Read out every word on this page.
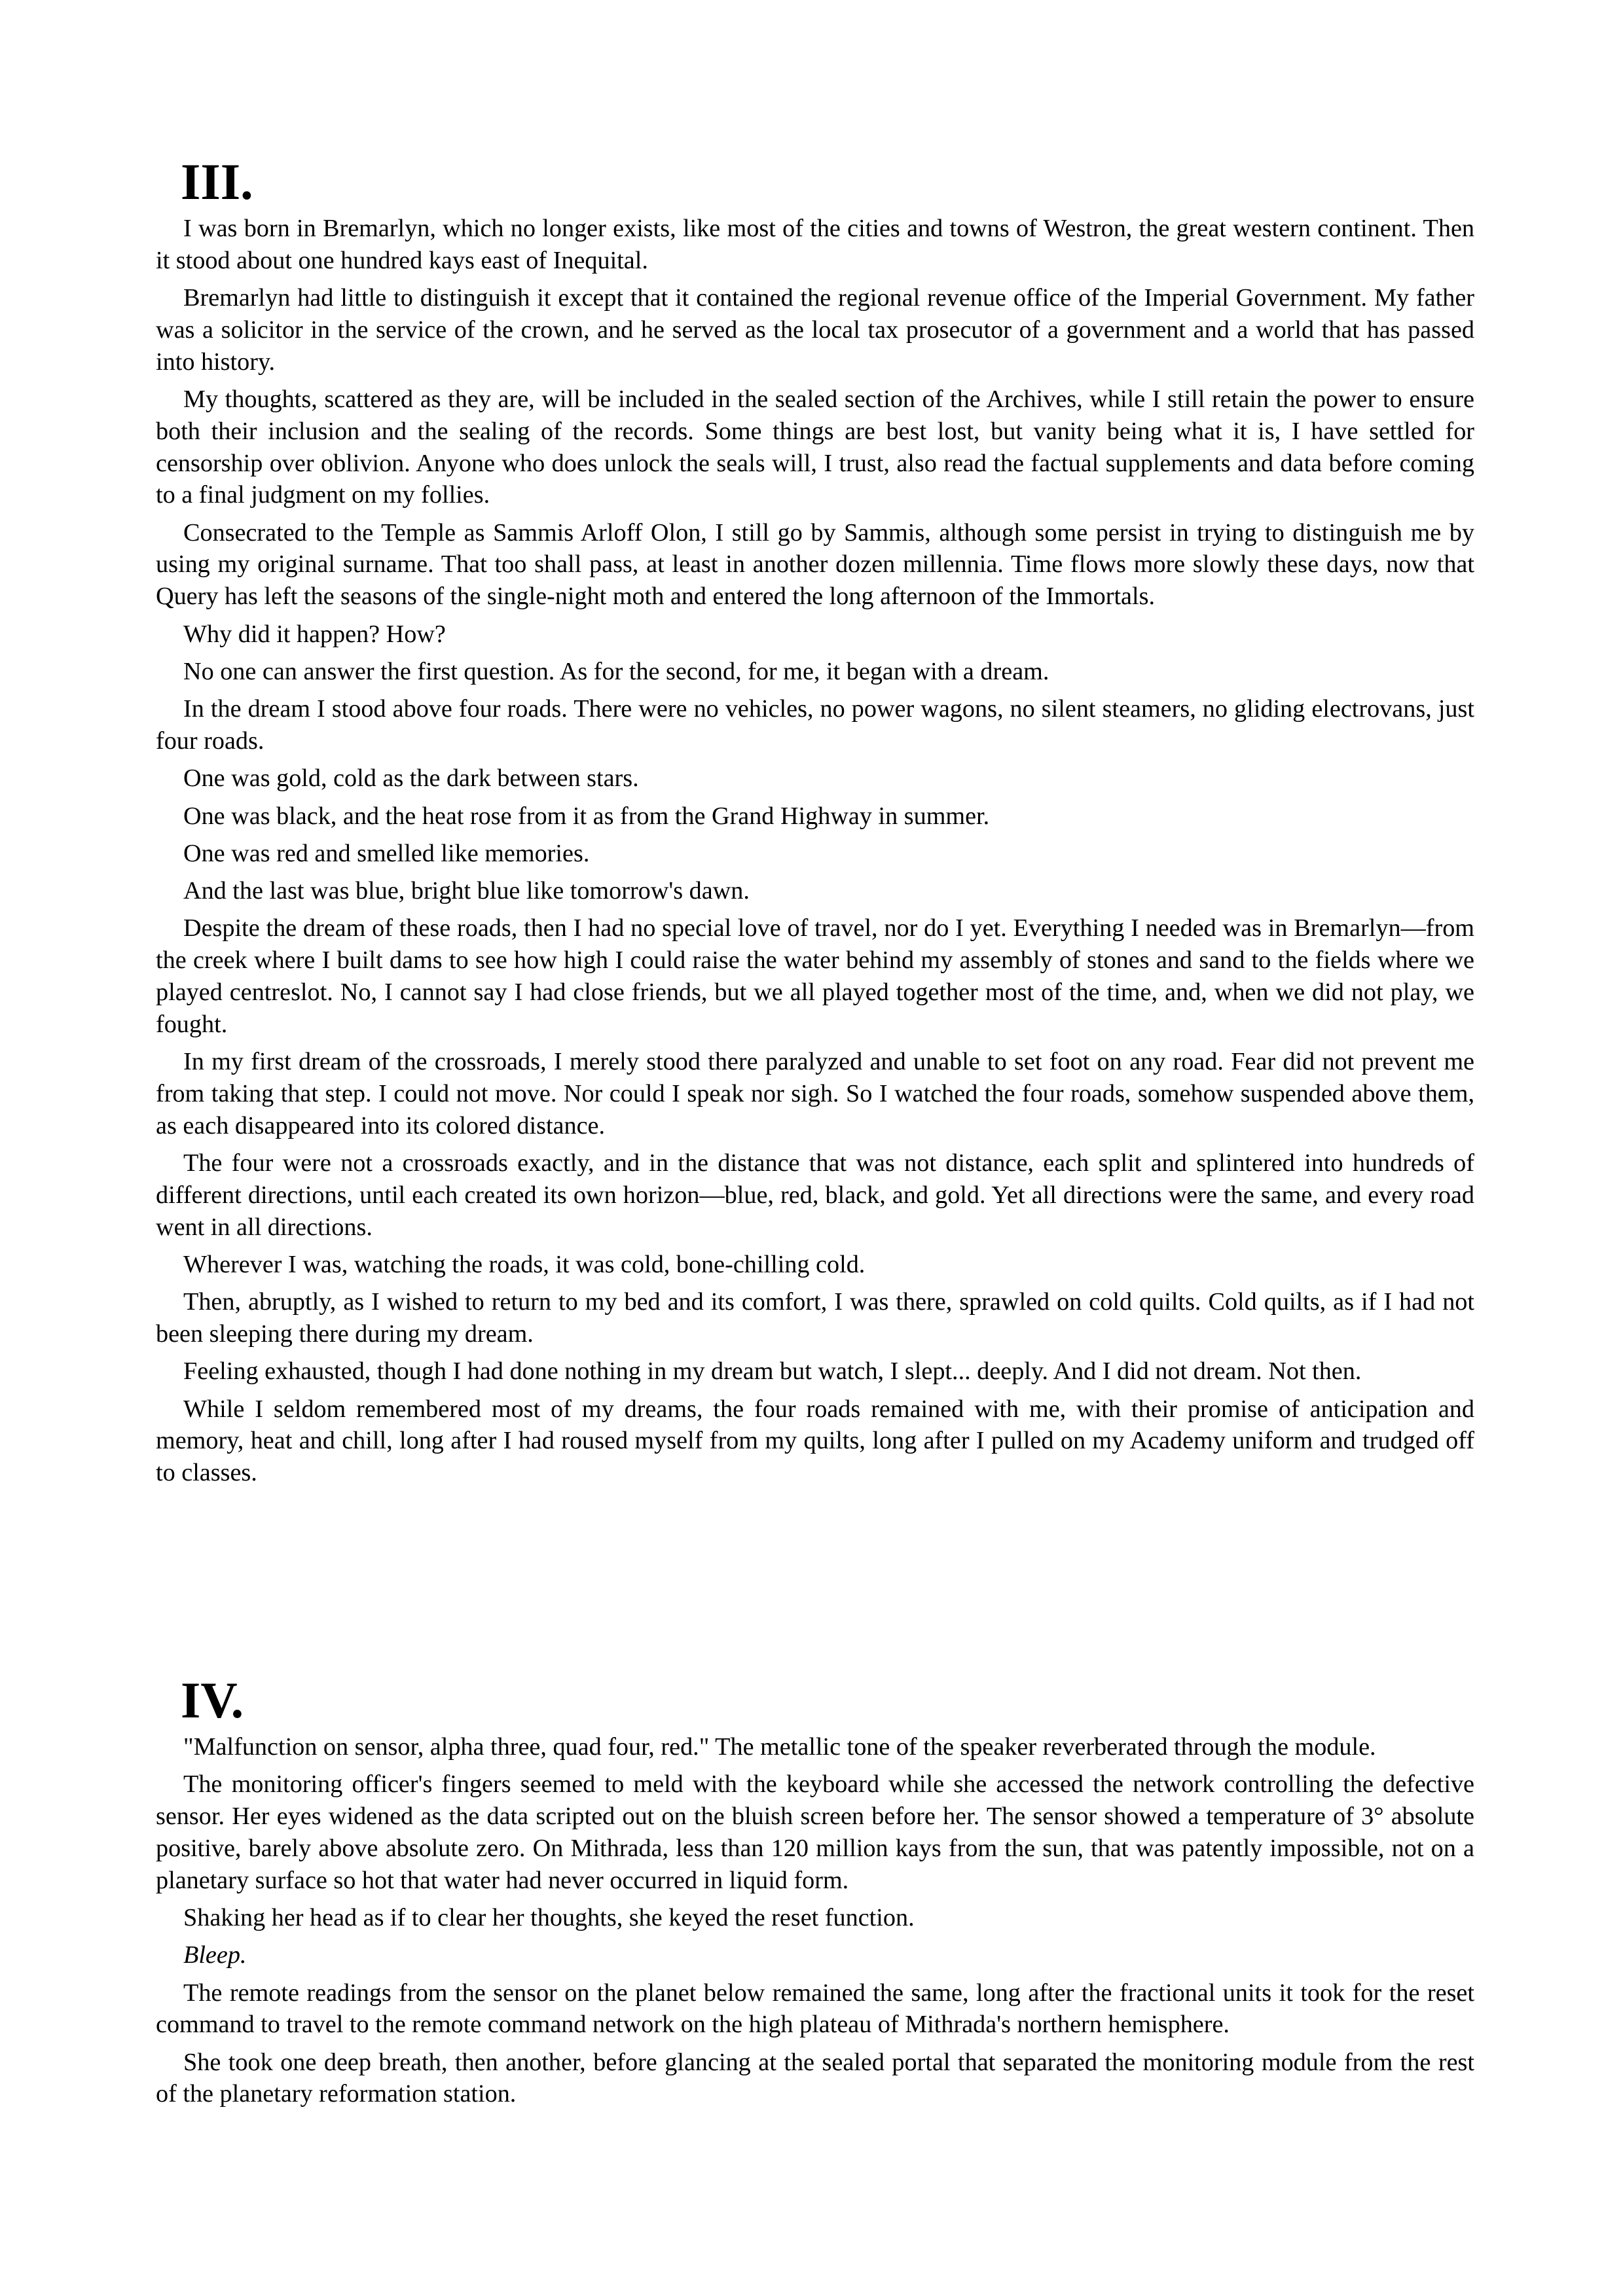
III.

I was born in Bremarlyn, which no longer exists, like most of the cities and towns of Westron, the great western continent. Then it stood about one hundred kays east of Inequital.

Bremarlyn had little to distinguish it except that it contained the regional revenue office of the Imperial Government. My father was a solicitor in the service of the crown, and he served as the local tax prosecutor of a government and a world that has passed into history.

My thoughts, scattered as they are, will be included in the sealed section of the Archives, while I still retain the power to ensure both their inclusion and the sealing of the records. Some things are best lost, but vanity being what it is, I have settled for censorship over oblivion. Anyone who does unlock the seals will, I trust, also read the factual supplements and data before coming to a final judgment on my follies.

Consecrated to the Temple as Sammis Arloff Olon, I still go by Sammis, although some persist in trying to distinguish me by using my original surname. That too shall pass, at least in another dozen millennia. Time flows more slowly these days, now that Query has left the seasons of the single-night moth and entered the long afternoon of the Immortals.

Why did it happen? How?

No one can answer the first question. As for the second, for me, it began with a dream.

In the dream I stood above four roads. There were no vehicles, no power wagons, no silent steamers, no gliding electrovans, just four roads.

One was gold, cold as the dark between stars.

One was black, and the heat rose from it as from the Grand Highway in summer.

One was red and smelled like memories.

And the last was blue, bright blue like tomorrow's dawn.

Despite the dream of these roads, then I had no special love of travel, nor do I yet. Everything I needed was in Bremarlyn—from the creek where I built dams to see how high I could raise the water behind my assembly of stones and sand to the fields where we played centreslot. No, I cannot say I had close friends, but we all played together most of the time, and, when we did not play, we fought.

In my first dream of the crossroads, I merely stood there paralyzed and unable to set foot on any road. Fear did not prevent me from taking that step. I could not move. Nor could I speak nor sigh. So I watched the four roads, somehow suspended above them, as each disappeared into its colored distance.

The four were not a crossroads exactly, and in the distance that was not distance, each split and splintered into hundreds of different directions, until each created its own horizon—blue, red, black, and gold. Yet all directions were the same, and every road went in all directions.

Wherever I was, watching the roads, it was cold, bone-chilling cold.

Then, abruptly, as I wished to return to my bed and its comfort, I was there, sprawled on cold quilts. Cold quilts, as if I had not been sleeping there during my dream.

Feeling exhausted, though I had done nothing in my dream but watch, I slept... deeply. And I did not dream. Not then.

While I seldom remembered most of my dreams, the four roads remained with me, with their promise of anticipation and memory, heat and chill, long after I had roused myself from my quilts, long after I pulled on my Academy uniform and trudged off to classes.

IV.

"Malfunction on sensor, alpha three, quad four, red." The metallic tone of the speaker reverberated through the module.

The monitoring officer's fingers seemed to meld with the keyboard while she accessed the network controlling the defective sensor. Her eyes widened as the data scripted out on the bluish screen before her. The sensor showed a temperature of 3° absolute positive, barely above absolute zero. On Mithrada, less than 120 million kays from the sun, that was patently impossible, not on a planetary surface so hot that water had never occurred in liquid form.

Shaking her head as if to clear her thoughts, she keyed the reset function.

Bleep.

The remote readings from the sensor on the planet below remained the same, long after the fractional units it took for the reset command to travel to the remote command network on the high plateau of Mithrada's northern hemisphere.

She took one deep breath, then another, before glancing at the sealed portal that separated the monitoring module from the rest of the planetary reformation station.
